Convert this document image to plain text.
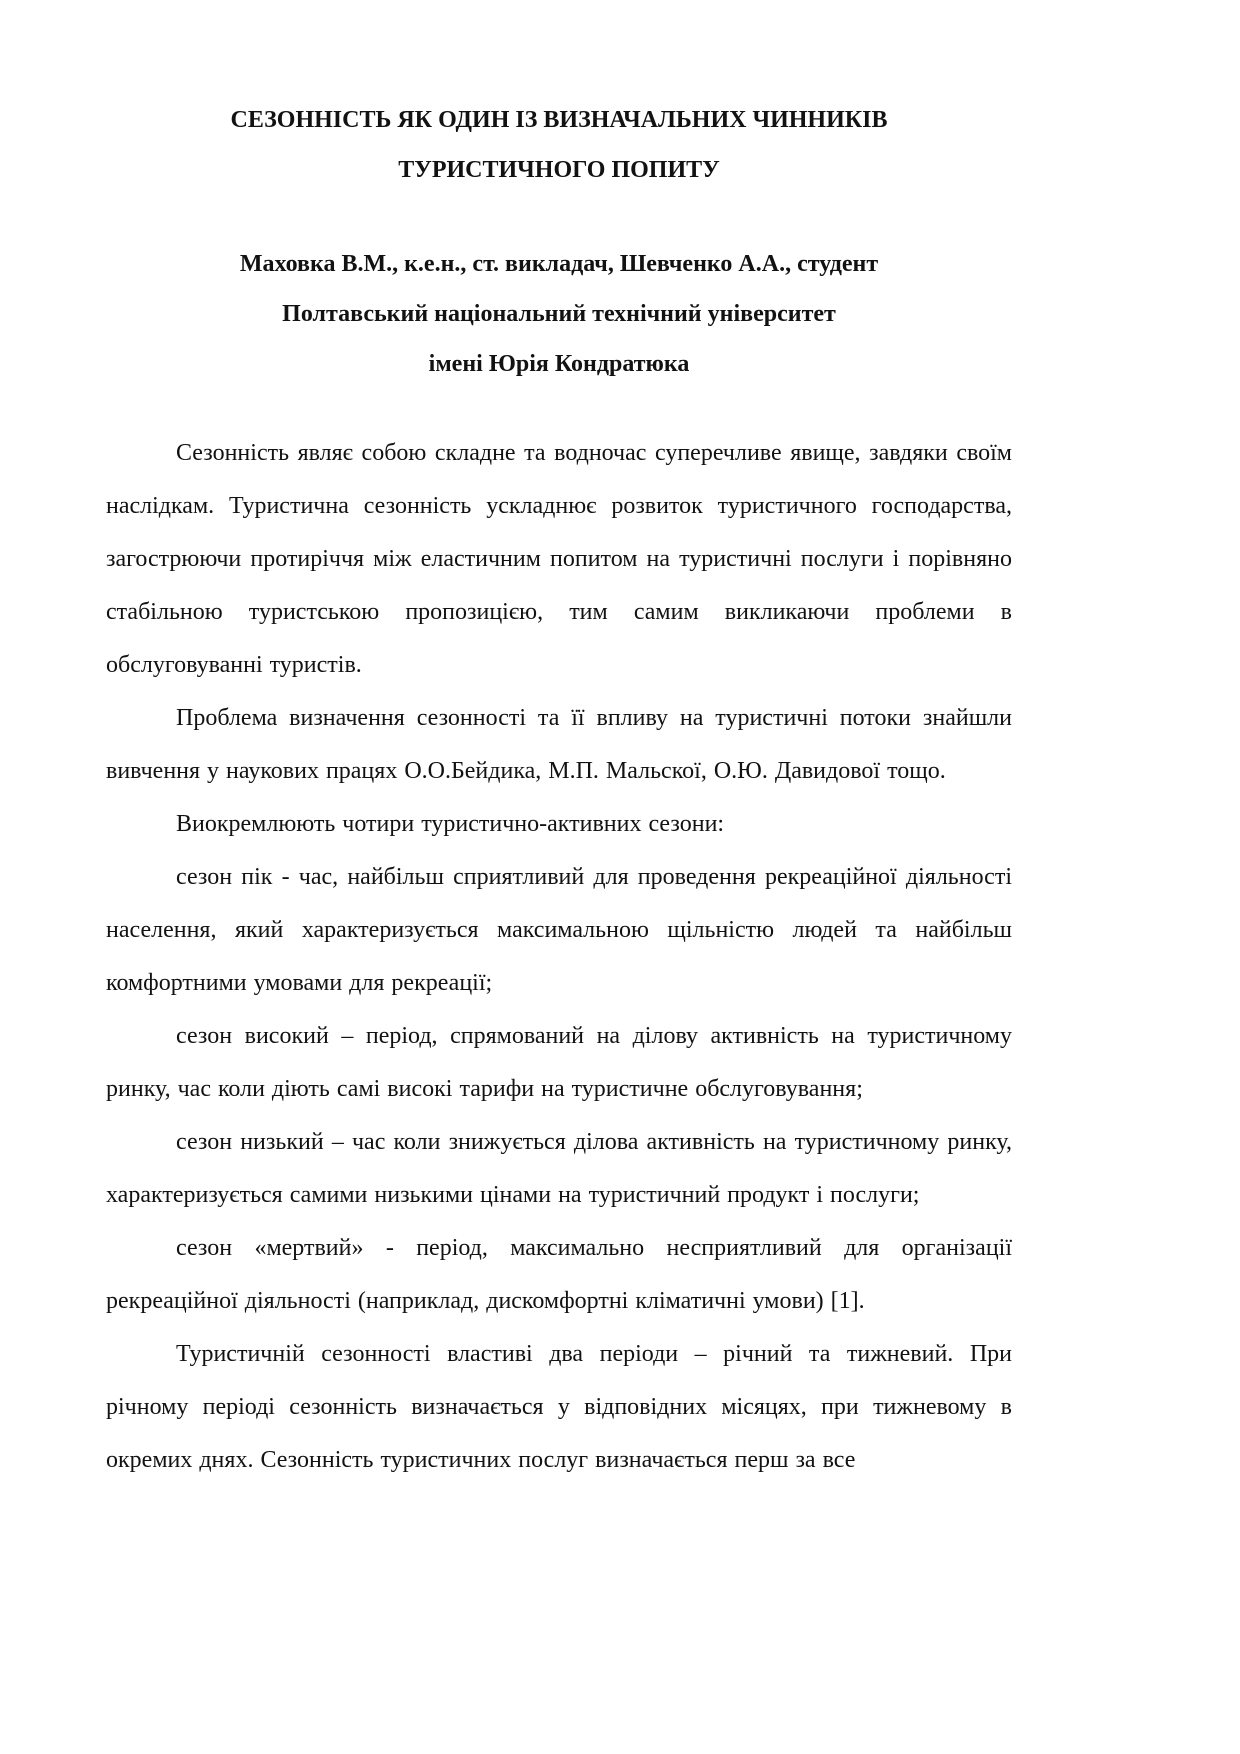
СЕЗОННІСТЬ ЯК ОДИН ІЗ ВИЗНАЧАЛЬНИХ ЧИННИКІВ
ТУРИСТИЧНОГО ПОПИТУ
Маховка В.М., к.е.н., ст. викладач, Шевченко А.А., студент
Полтавський національний технічний університет
імені Юрія Кондратюка

Сезонність являє собою складне та водночас суперечливе явище, завдяки своїм наслідкам. Туристична сезонність ускладнює розвиток туристичного господарства, загострюючи протиріччя між еластичним попитом на туристичні послуги і порівняно стабільною туристською пропозицією, тим самим викликаючи проблеми в обслуговуванні туристів.

Проблема визначення сезонності та її впливу на туристичні потоки знайшли вивчення у наукових працях О.О.Бейдика, М.П. Мальскої, О.Ю. Давидової тощо.

Виокремлюють чотири туристично-активних сезони:

сезон пік - час, найбільш сприятливий для проведення рекреаційної діяльності населення, який характеризується максимальною щільністю людей та найбільш комфортними умовами для рекреації;

сезон високий – період, спрямований на ділову активність на туристичному ринку, час коли діють самі високі тарифи на туристичне обслуговування;

сезон низький – час коли знижується ділова активність на туристичному ринку, характеризується самими низькими цінами на туристичний продукт і послуги;

сезон «мертвий» - період, максимально несприятливий для організації рекреаційної діяльності (наприклад, дискомфортні кліматичні умови) [1].

Туристичній сезонності властиві два періоди – річний та тижневий. При річному періоді сезонність визначається у відповідних місяцях, при тижневому в окремих днях. Сезонність туристичних послуг визначається перш за все
